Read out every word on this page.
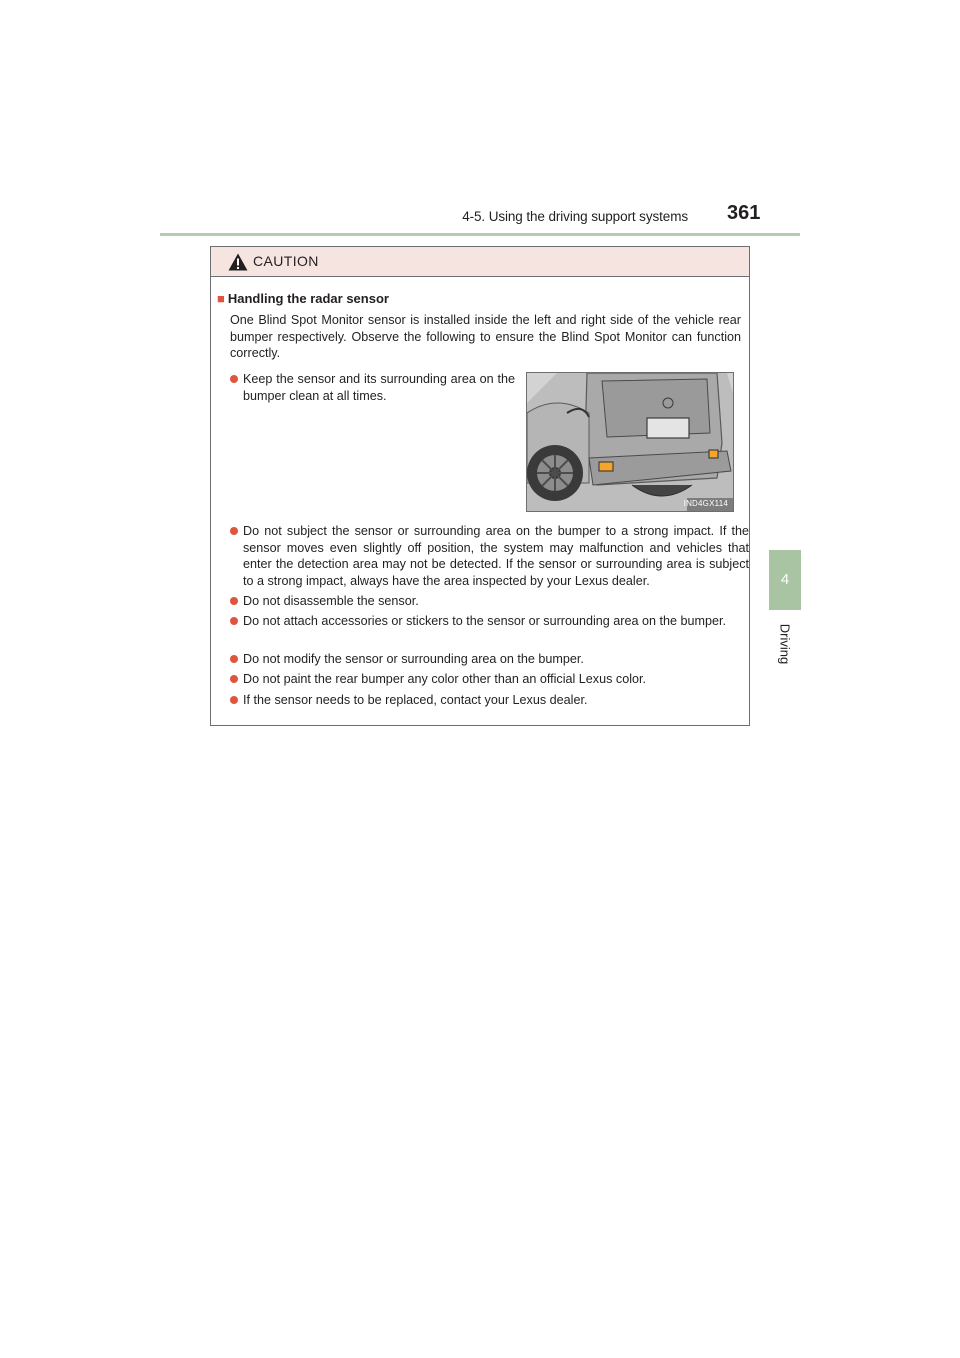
4-5. Using the driving support systems 361
4
Driving
CAUTION
■ Handling the radar sensor
One Blind Spot Monitor sensor is installed inside the left and right side of the vehicle rear bumper respectively. Observe the following to ensure the Blind Spot Monitor can function correctly.
Keep the sensor and its surrounding area on the bumper clean at all times.
IND4GX114
Do not subject the sensor or surrounding area on the bumper to a strong impact. If the sensor moves even slightly off position, the system may malfunction and vehicles that enter the detection area may not be detected. If the sensor or surrounding area is subject to a strong impact, always have the area inspected by your Lexus dealer.
Do not disassemble the sensor.
Do not attach accessories or stickers to the sensor or surrounding area on the bumper.
Do not modify the sensor or surrounding area on the bumper.
Do not paint the rear bumper any color other than an official Lexus color.
If the sensor needs to be replaced, contact your Lexus dealer.
